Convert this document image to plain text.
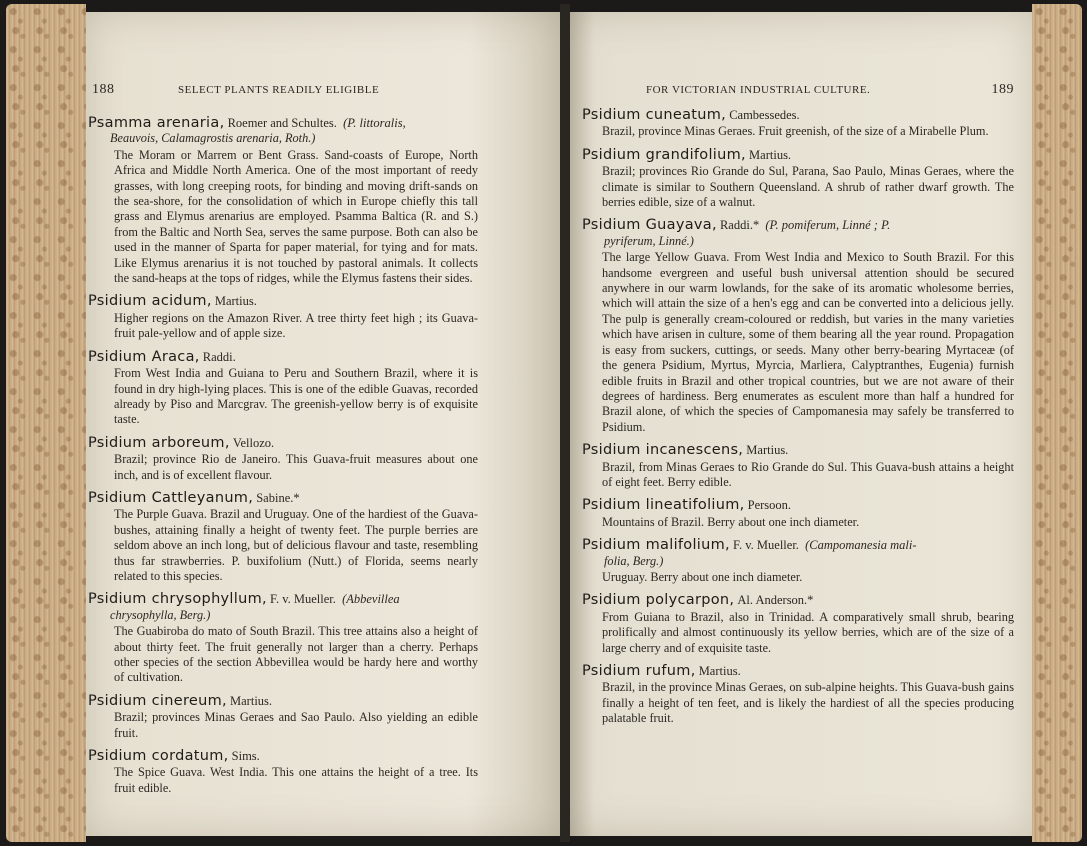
188	SELECT PLANTS READILY ELIGIBLE
Psamma arenaria, Roemer and Schultes. (P. littoralis,
Beauvois, Calamagrostis arenaria, Roth.)
The Moram or Marrem or Bent Grass. Sand-coasts of Europe, North Africa and Middle North America. One of the most important of reedy grasses, with long creeping roots, for binding and moving drift-sands on the sea-shore, for the consolidation of which in Europe chiefly this tall grass and Elymus arenarius are employed. Psamma Baltica (R. and S.) from the Baltic and North Sea, serves the same purpose. Both can also be used in the manner of Sparta for paper material, for tying and for mats. Like Elymus arenarius it is not touched by pastoral animals. It collects the sand-heaps at the tops of ridges, while the Elymus fastens their sides.
Psidium acidum, Martius.
Higher regions on the Amazon River. A tree thirty feet high ; its Guava-fruit pale-yellow and of apple size.
Psidium Araca, Raddi.
From West India and Guiana to Peru and Southern Brazil, where it is found in dry high-lying places. This is one of the edible Guavas, recorded already by Piso and Marcgrav. The greenish-yellow berry is of exquisite taste.
Psidium arboreum, Vellozo.
Brazil; province Rio de Janeiro. This Guava-fruit measures about one inch, and is of excellent flavour.
Psidium Cattleyanum, Sabine.*
The Purple Guava. Brazil and Uruguay. One of the hardiest of the Guava-bushes, attaining finally a height of twenty feet. The purple berries are seldom above an inch long, but of delicious flavour and taste, resembling thus far strawberries. P. buxifolium (Nutt.) of Florida, seems nearly related to this species.
Psidium chrysophyllum, F. v. Mueller. (Abbevillea
chrysophylla, Berg.)
The Guabiroba do mato of South Brazil. This tree attains also a height of about thirty feet. The fruit generally not larger than a cherry. Perhaps other species of the section Abbevillea would be hardy here and worthy of cultivation.
Psidium cinereum, Martius.
Brazil; provinces Minas Geraes and Sao Paulo. Also yielding an edible fruit.
Psidium cordatum, Sims.
The Spice Guava. West India. This one attains the height of a tree. Its fruit edible.
FOR VICTORIAN INDUSTRIAL CULTURE.	189
Psidium cuneatum, Cambessedes.
Brazil, province Minas Geraes. Fruit greenish, of the size of a Mirabelle Plum.
Psidium grandifolium, Martius.
Brazil; provinces Rio Grande do Sul, Parana, Sao Paulo, Minas Geraes, where the climate is similar to Southern Queensland. A shrub of rather dwarf growth. The berries edible, size of a walnut.
Psidium Guayava, Raddi.* (P. pomiferum, Linné ; P.
pyriferum, Linné.)
The large Yellow Guava. From West India and Mexico to South Brazil. For this handsome evergreen and useful bush universal attention should be secured anywhere in our warm lowlands, for the sake of its aromatic wholesome berries, which will attain the size of a hen's egg and can be converted into a delicious jelly. The pulp is generally cream-coloured or reddish, but varies in the many varieties which have arisen in culture, some of them bearing all the year round. Propagation is easy from suckers, cuttings, or seeds. Many other berry-bearing Myrtaceæ (of the genera Psidium, Myrtus, Myrcia, Marliera, Calyptranthes, Eugenia) furnish edible fruits in Brazil and other tropical countries, but we are not aware of their degrees of hardiness. Berg enumerates as esculent more than half a hundred for Brazil alone, of which the species of Campomanesia may safely be transferred to Psidium.
Psidium incanescens, Martius.
Brazil, from Minas Geraes to Rio Grande do Sul. This Guava-bush attains a height of eight feet. Berry edible.
Psidium lineatifolium, Persoon.
Mountains of Brazil. Berry about one inch diameter.
Psidium malifolium, F. v. Mueller. (Campomanesia mali-
folia, Berg.)
Uruguay. Berry about one inch diameter.
Psidium polycarpon, Al. Anderson.*
From Guiana to Brazil, also in Trinidad. A comparatively small shrub, bearing prolifically and almost continuously its yellow berries, which are of the size of a large cherry and of exquisite taste.
Psidium rufum, Martius.
Brazil, in the province Minas Geraes, on sub-alpine heights. This Guava-bush gains finally a height of ten feet, and is likely the hardiest of all the species producing palatable fruit.
